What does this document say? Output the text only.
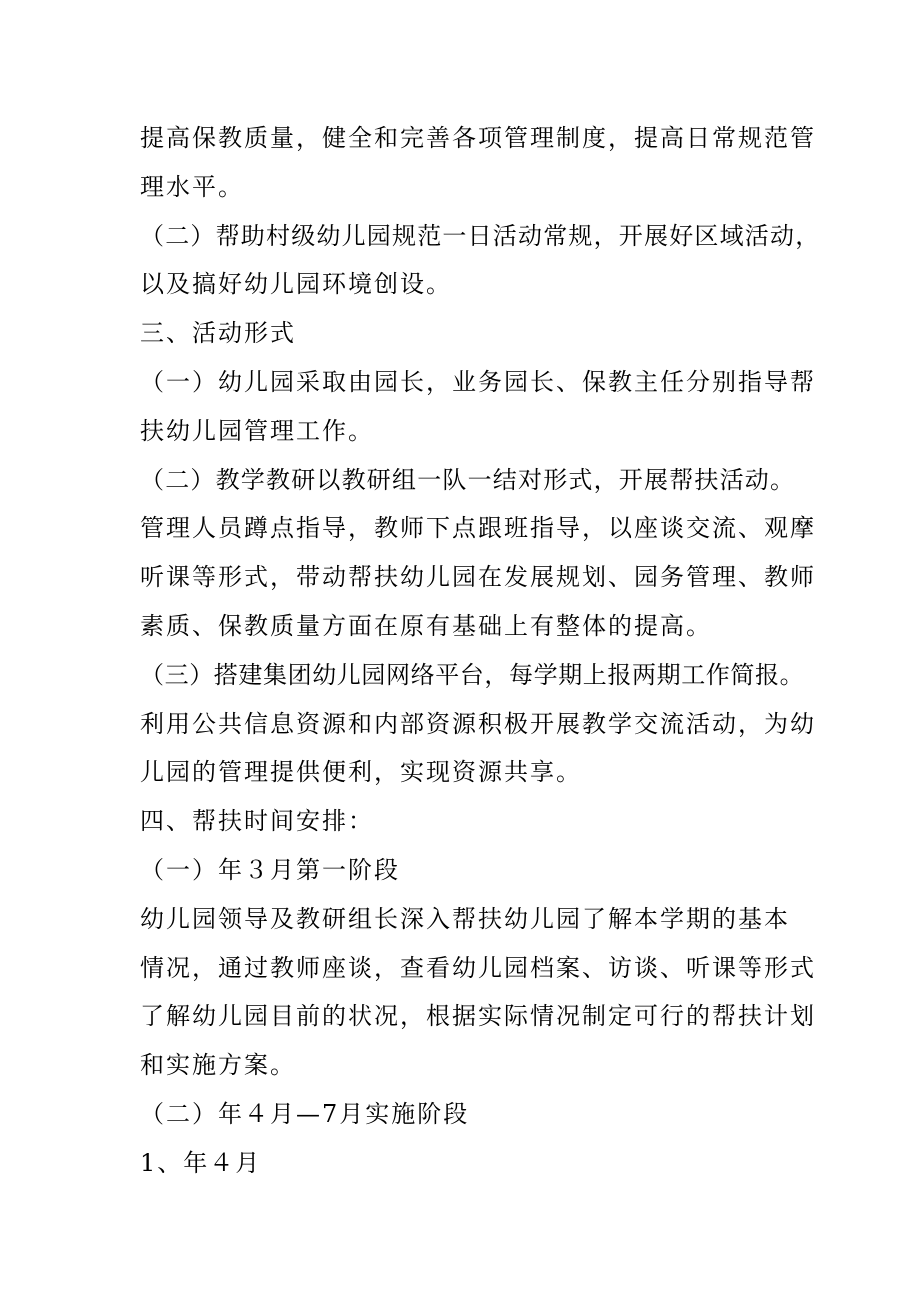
提高保教质量，健全和完善各项管理制度，提高日常规范管
理水平。
（二）帮助村级幼儿园规范一日活动常规，开展好区域活动，
以及搞好幼儿园环境创设。
三、活动形式
（一）幼儿园采取由园长，业务园长、保教主任分别指导帮
扶幼儿园管理工作。
（二）教学教研以教研组一队一结对形式，开展帮扶活动。
管理人员蹲点指导，教师下点跟班指导，以座谈交流、观摩
听课等形式，带动帮扶幼儿园在发展规划、园务管理、教师
素质、保教质量方面在原有基础上有整体的提高。
（三）搭建集团幼儿园网络平台，每学期上报两期工作简报。
利用公共信息资源和内部资源积极开展教学交流活动，为幼
儿园的管理提供便利，实现资源共享。
四、帮扶时间安排：
（一）年３月第一阶段
幼儿园领导及教研组长深入帮扶幼儿园了解本学期的基本
情况，通过教师座谈，查看幼儿园档案、访谈、听课等形式
了解幼儿园目前的状况，根据实际情况制定可行的帮扶计划
和实施方案。
（二）年４月—7月实施阶段
1、年４月
